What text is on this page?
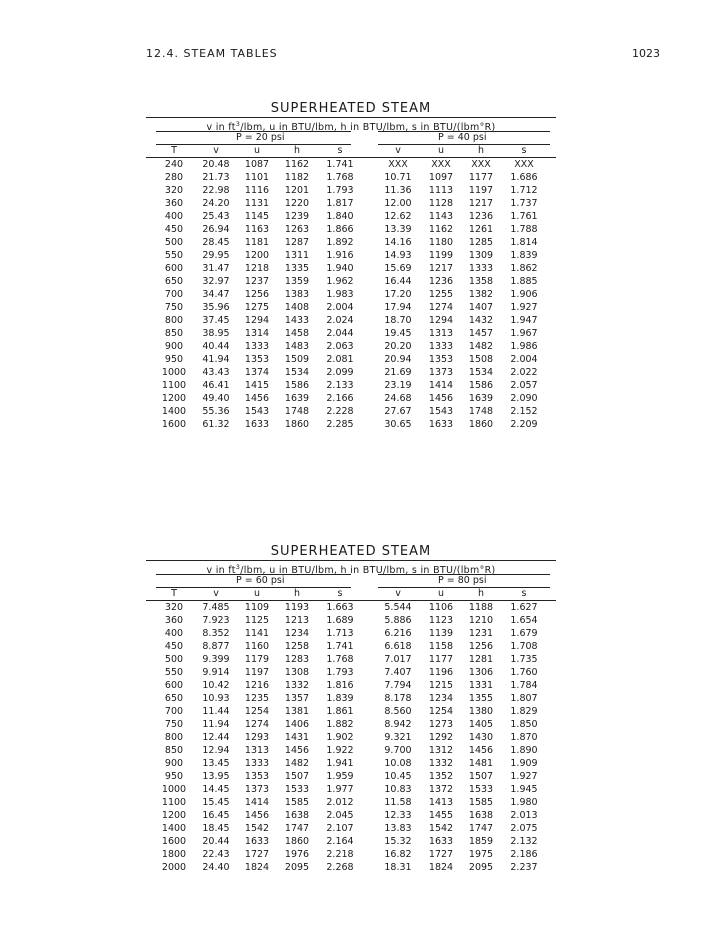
12.4. STEAM TABLES	1023
SUPERHEATED STEAM
v in $ft^3$/lbm, u in BTU/lbm, h in BTU/lbm, s in BTU/(lbm°R)
P = 20 psi	P = 40 psi
T	v	u	h	s	v	u	h	s
240	20.48	1087	1162	1.741	XXX	XXX	XXX	XXX
280	21.73	1101	1182	1.768	10.71	1097	1177	1.686
320	22.98	1116	1201	1.793	11.36	1113	1197	1.712
360	24.20	1131	1220	1.817	12.00	1128	1217	1.737
400	25.43	1145	1239	1.840	12.62	1143	1236	1.761
450	26.94	1163	1263	1.866	13.39	1162	1261	1.788
500	28.45	1181	1287	1.892	14.16	1180	1285	1.814
550	29.95	1200	1311	1.916	14.93	1199	1309	1.839
600	31.47	1218	1335	1.940	15.69	1217	1333	1.862
650	32.97	1237	1359	1.962	16.44	1236	1358	1.885
700	34.47	1256	1383	1.983	17.20	1255	1382	1.906
750	35.96	1275	1408	2.004	17.94	1274	1407	1.927
800	37.45	1294	1433	2.024	18.70	1294	1432	1.947
850	38.95	1314	1458	2.044	19.45	1313	1457	1.967
900	40.44	1333	1483	2.063	20.20	1333	1482	1.986
950	41.94	1353	1509	2.081	20.94	1353	1508	2.004
1000	43.43	1374	1534	2.099	21.69	1373	1534	2.022
1100	46.41	1415	1586	2.133	23.19	1414	1586	2.057
1200	49.40	1456	1639	2.166	24.68	1456	1639	2.090
1400	55.36	1543	1748	2.228	27.67	1543	1748	2.152
1600	61.32	1633	1860	2.285	30.65	1633	1860	2.209
SUPERHEATED STEAM
v in $ft^3$/lbm, u in BTU/lbm, h in BTU/lbm, s in BTU/(lbm°R)
P = 60 psi	P = 80 psi
T	v	u	h	s	v	u	h	s
320	7.485	1109	1193	1.663	5.544	1106	1188	1.627
360	7.923	1125	1213	1.689	5.886	1123	1210	1.654
400	8.352	1141	1234	1.713	6.216	1139	1231	1.679
450	8.877	1160	1258	1.741	6.618	1158	1256	1.708
500	9.399	1179	1283	1.768	7.017	1177	1281	1.735
550	9.914	1197	1308	1.793	7.407	1196	1306	1.760
600	10.42	1216	1332	1.816	7.794	1215	1331	1.784
650	10.93	1235	1357	1.839	8.178	1234	1355	1.807
700	11.44	1254	1381	1.861	8.560	1254	1380	1.829
750	11.94	1274	1406	1.882	8.942	1273	1405	1.850
800	12.44	1293	1431	1.902	9.321	1292	1430	1.870
850	12.94	1313	1456	1.922	9.700	1312	1456	1.890
900	13.45	1333	1482	1.941	10.08	1332	1481	1.909
950	13.95	1353	1507	1.959	10.45	1352	1507	1.927
1000	14.45	1373	1533	1.977	10.83	1372	1533	1.945
1100	15.45	1414	1585	2.012	11.58	1413	1585	1.980
1200	16.45	1456	1638	2.045	12.33	1455	1638	2.013
1400	18.45	1542	1747	2.107	13.83	1542	1747	2.075
1600	20.44	1633	1860	2.164	15.32	1633	1859	2.132
1800	22.43	1727	1976	2.218	16.82	1727	1975	2.186
2000	24.40	1824	2095	2.268	18.31	1824	2095	2.237
